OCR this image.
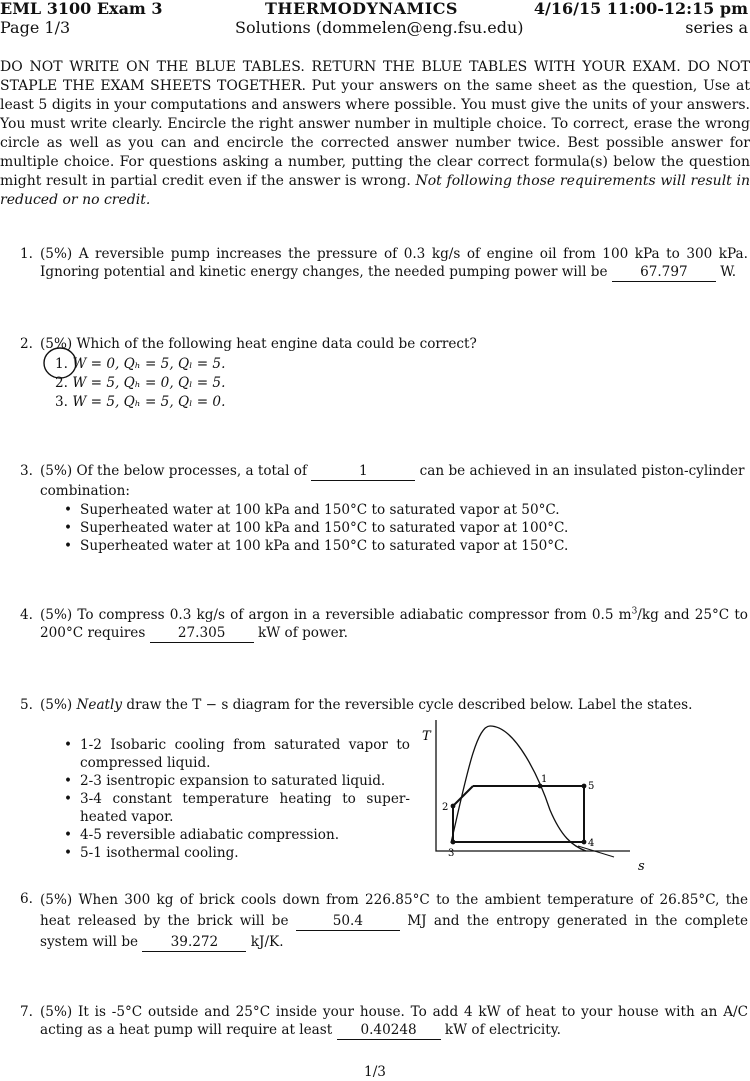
EML 3100 Exam 3	THERMODYNAMICS	4/16/15 11:00-12:15 pm
Page 1/3	Solutions (dommelen@eng.fsu.edu)	series a
DO NOT WRITE ON THE BLUE TABLES. RETURN THE BLUE TABLES WITH YOUR EXAM. DO NOT STAPLE THE EXAM SHEETS TOGETHER. Put your answers on the same sheet as the question, Use at least 5 digits in your computations and answers where possible. You must give the units of your answers. You must write clearly. Encircle the right answer number in multiple choice. To correct, erase the wrong circle as well as you can and encircle the corrected answer number twice. Best possible answer for multiple choice. For questions asking a number, putting the clear correct formula(s) below the question might result in partial credit even if the answer is wrong. Not following those requirements will result in reduced or no credit.
1. (5%) A reversible pump increases the pressure of 0.3 kg/s of engine oil from 100 kPa to 300 kPa. Ignoring potential and kinetic energy changes, the needed pumping power will be 67.797 W.
2. (5%) Which of the following heat engine data could be correct?
1. W = 0, Qₕ = 5, Qₗ = 5.
2. W = 5, Qₕ = 0, Qₗ = 5.
3. W = 5, Qₕ = 5, Qₗ = 0.
3. (5%) Of the below processes, a total of	1	can be achieved in an insulated piston-cylinder
combination:
• Superheated water at 100 kPa and 150°C to saturated vapor at 50°C.
• Superheated water at 100 kPa and 150°C to saturated vapor at 100°C.
• Superheated water at 100 kPa and 150°C to saturated vapor at 150°C.
4. (5%) To compress 0.3 kg/s of argon in a reversible adiabatic compressor from 0.5 $m^3/kg$ and 25°C to 200°C requires 27.305 kW of power.
5. (5%) Neatly draw the T − s diagram for the reversible cycle described below. Label the states.
• 1-2 Isobaric cooling from saturated vapor to compressed liquid.
• 2-3 isentropic expansion to saturated liquid.
• 3-4 constant temperature heating to super-heated vapor.
• 4-5 reversible adiabatic compression.
• 5-1 isothermal cooling.
T
s
1
2
3
4
5
6. (5%) When 300 kg of brick cools down from 226.85°C to the ambient temperature of 26.85°C, the heat released by the brick will be	50.4	MJ and the entropy generated in the complete system will be 39.272 kJ/K.
7. (5%) It is -5°C outside and 25°C inside your house. To add 4 kW of heat to your house with an A/C acting as a heat pump will require at least 0.40248 kW of electricity.
1/3
